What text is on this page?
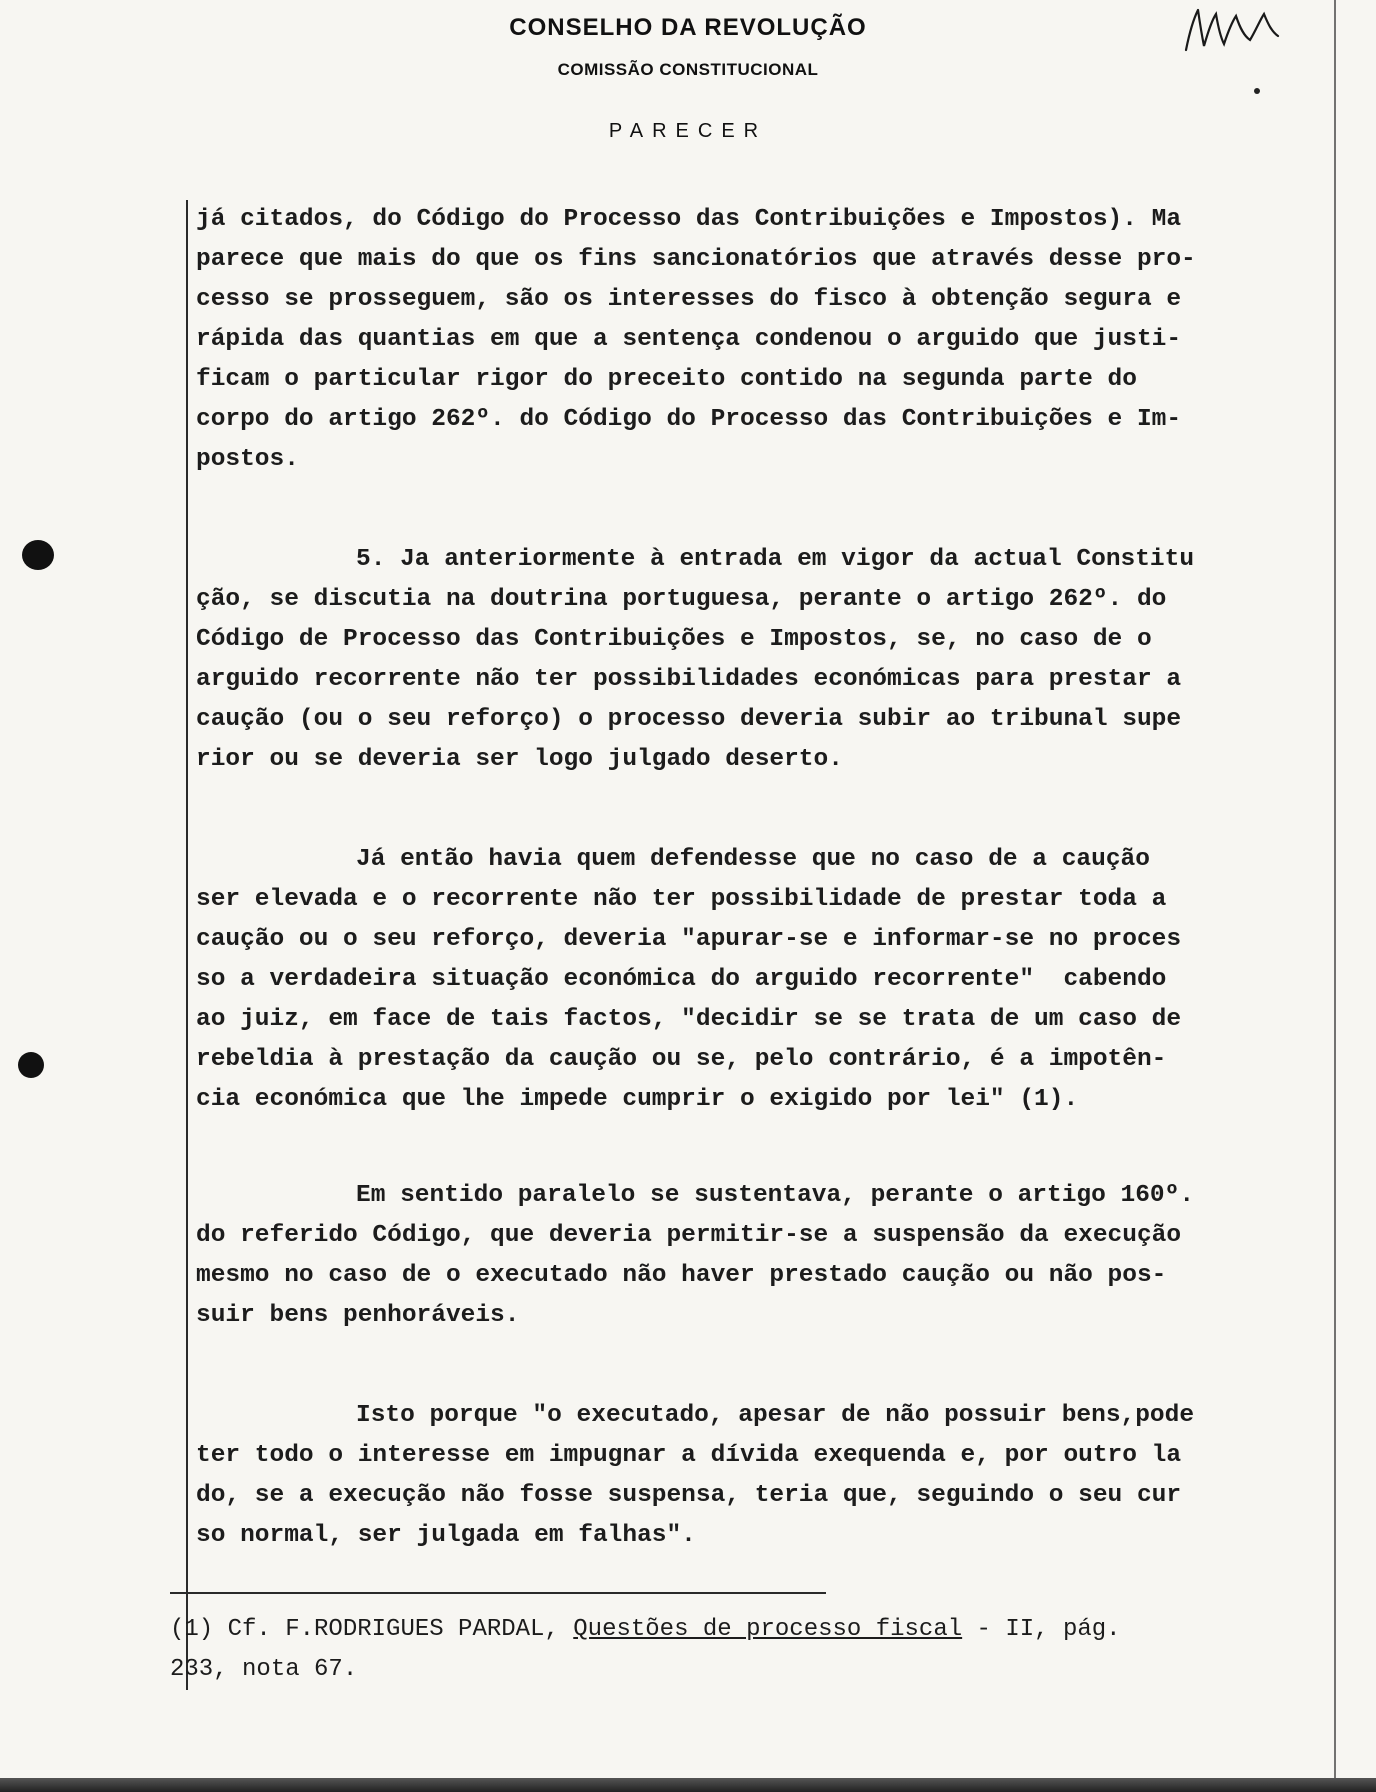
CONSELHO DA REVOLUÇÃO
COMISSÃO CONSTITUCIONAL
PARECER
já citados, do Código do Processo das Contribuições e Impostos). Ma
parece que mais do que os fins sancionatórios que através desse pro-
cesso se prosseguem, são os interesses do fisco à obtenção segura e
rápida das quantias em que a sentença condenou o arguido que justi-
ficam o particular rigor do preceito contido na segunda parte do
corpo do artigo 262º. do Código do Processo das Contribuições e Im-
postos.
5. Ja anteriormente à entrada em vigor da actual Constitu
ção, se discutia na doutrina portuguesa, perante o artigo 262º. do
Código de Processo das Contribuições e Impostos, se, no caso de o
arguido recorrente não ter possibilidades económicas para prestar a
caução (ou o seu reforço) o processo deveria subir ao tribunal supe
rior ou se deveria ser logo julgado deserto.
Já então havia quem defendesse que no caso de a caução
ser elevada e o recorrente não ter possibilidade de prestar toda a
caução ou o seu reforço, deveria "apurar-se e informar-se no proces
so a verdadeira situação económica do arguido recorrente"  cabendo
ao juiz, em face de tais factos, "decidir se se trata de um caso de
rebeldia à prestação da caução ou se, pelo contrário, é a impotên-
cia económica que lhe impede cumprir o exigido por lei" (1).
Em sentido paralelo se sustentava, perante o artigo 160º.
do referido Código, que deveria permitir-se a suspensão da execução
mesmo no caso de o executado não haver prestado caução ou não pos-
suir bens penhoráveis.
Isto porque "o executado, apesar de não possuir bens,pode
ter todo o interesse em impugnar a dívida exequenda e, por outro la
do, se a execução não fosse suspensa, teria que, seguindo o seu cur
so normal, ser julgada em falhas".
(1) Cf. F.RODRIGUES PARDAL, Questões de processo fiscal - II, pág.
233, nota 67.
